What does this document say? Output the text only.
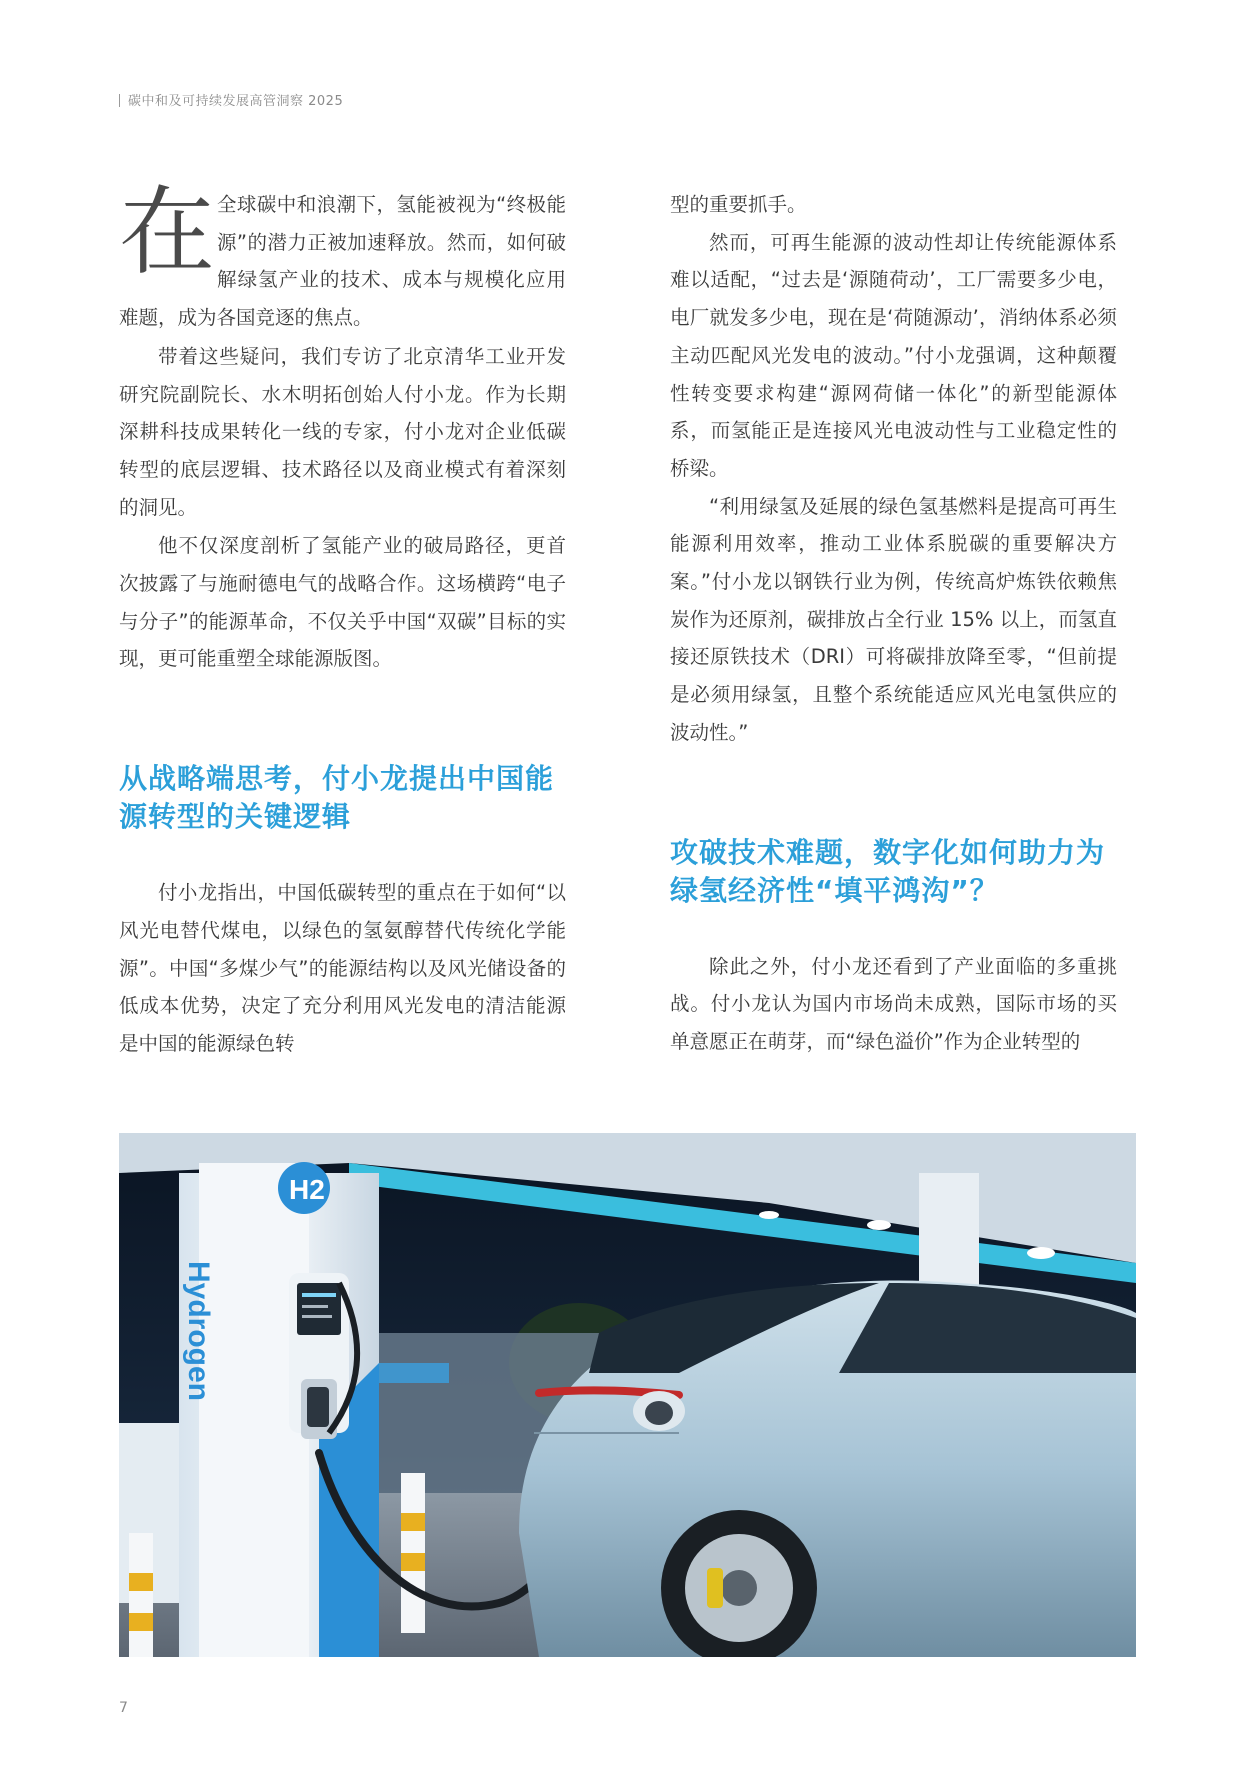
碳中和及可持续发展高管洞察 2025

在全球碳中和浪潮下，氢能被视为“终极能源”的潜力正被加速释放。然而，如何破解绿氢产业的技术、成本与规模化应用难题，成为各国竞逐的焦点。

带着这些疑问，我们专访了北京清华工业开发研究院副院长、水木明拓创始人付小龙。作为长期深耕科技成果转化一线的专家，付小龙对企业低碳转型的底层逻辑、技术路径以及商业模式有着深刻的洞见。

他不仅深度剖析了氢能产业的破局路径，更首次披露了与施耐德电气的战略合作。这场横跨“电子与分子”的能源革命，不仅关乎中国“双碳”目标的实现，更可能重塑全球能源版图。

从战略端思考，付小龙提出中国能源转型的关键逻辑

付小龙指出，中国低碳转型的重点在于如何“以风光电替代煤电，以绿色的氢氨醇替代传统化学能源”。中国“多煤少气”的能源结构以及风光储设备的低成本优势，决定了充分利用风光发电的清洁能源是中国的能源绿色转

型的重要抓手。

然而，可再生能源的波动性却让传统能源体系难以适配，“过去是‘源随荷动’，工厂需要多少电，电厂就发多少电，现在是‘荷随源动’，消纳体系必须主动匹配风光发电的波动。”付小龙强调，这种颠覆性转变要求构建“源网荷储一体化”的新型能源体系，而氢能正是连接风光电波动性与工业稳定性的桥梁。

“利用绿氢及延展的绿色氢基燃料是提高可再生能源利用效率，推动工业体系脱碳的重要解决方案。”付小龙以钢铁行业为例，传统高炉炼铁依赖焦炭作为还原剂，碳排放占全行业 15% 以上，而氢直接还原铁技术（DRI）可将碳排放降至零，“但前提是必须用绿氢，且整个系统能适应风光电氢供应的波动性。”

攻破技术难题，数字化如何助力为绿氢经济性“填平鸿沟”？

除此之外，付小龙还看到了产业面临的多重挑战。付小龙认为国内市场尚未成熟，国际市场的买单意愿正在萌芽，而“绿色溢价”作为企业转型的

Hydrogen
H2
7
